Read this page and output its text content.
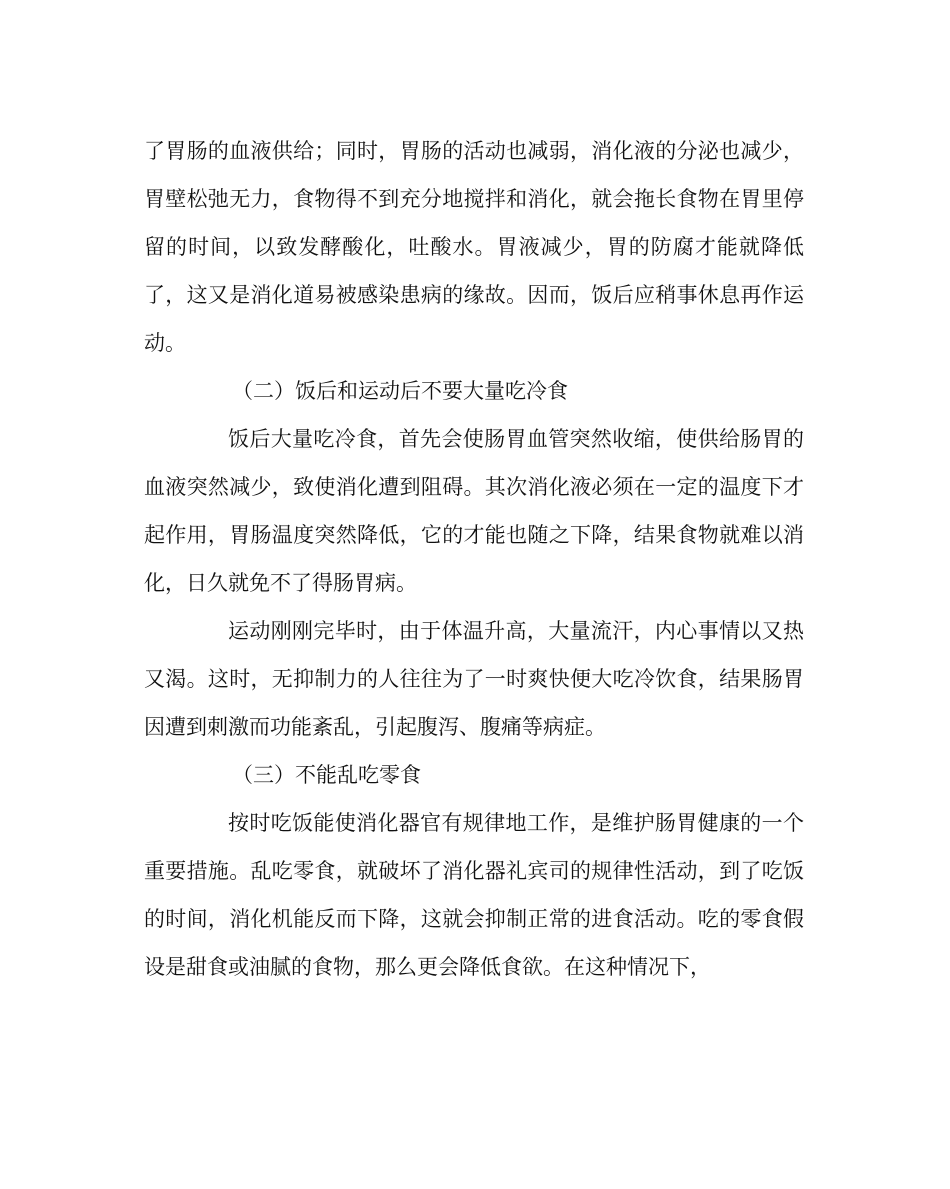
了胃肠的血液供给；同时，胃肠的活动也减弱，消化液的分泌也减少，胃壁松弛无力，食物得不到充分地搅拌和消化，就会拖长食物在胃里停留的时间，以致发酵酸化，吐酸水。胃液减少，胃的防腐才能就降低了，这又是消化道易被感染患病的缘故。因而，饭后应稍事休息再作运动。

（二）饭后和运动后不要大量吃冷食

饭后大量吃冷食，首先会使肠胃血管突然收缩，使供给肠胃的血液突然减少，致使消化遭到阻碍。其次消化液必须在一定的温度下才起作用，胃肠温度突然降低，它的才能也随之下降，结果食物就难以消化，日久就免不了得肠胃病。

运动刚刚完毕时，由于体温升高，大量流汗，内心事情以又热又渴。这时，无抑制力的人往往为了一时爽快便大吃冷饮食，结果肠胃因遭到刺激而功能紊乱，引起腹泻、腹痛等病症。

（三）不能乱吃零食

按时吃饭能使消化器官有规律地工作，是维护肠胃健康的一个重要措施。乱吃零食，就破坏了消化器礼宾司的规律性活动，到了吃饭的时间，消化机能反而下降，这就会抑制正常的进食活动。吃的零食假设是甜食或油腻的食物，那么更会降低食欲。在这种情况下，
